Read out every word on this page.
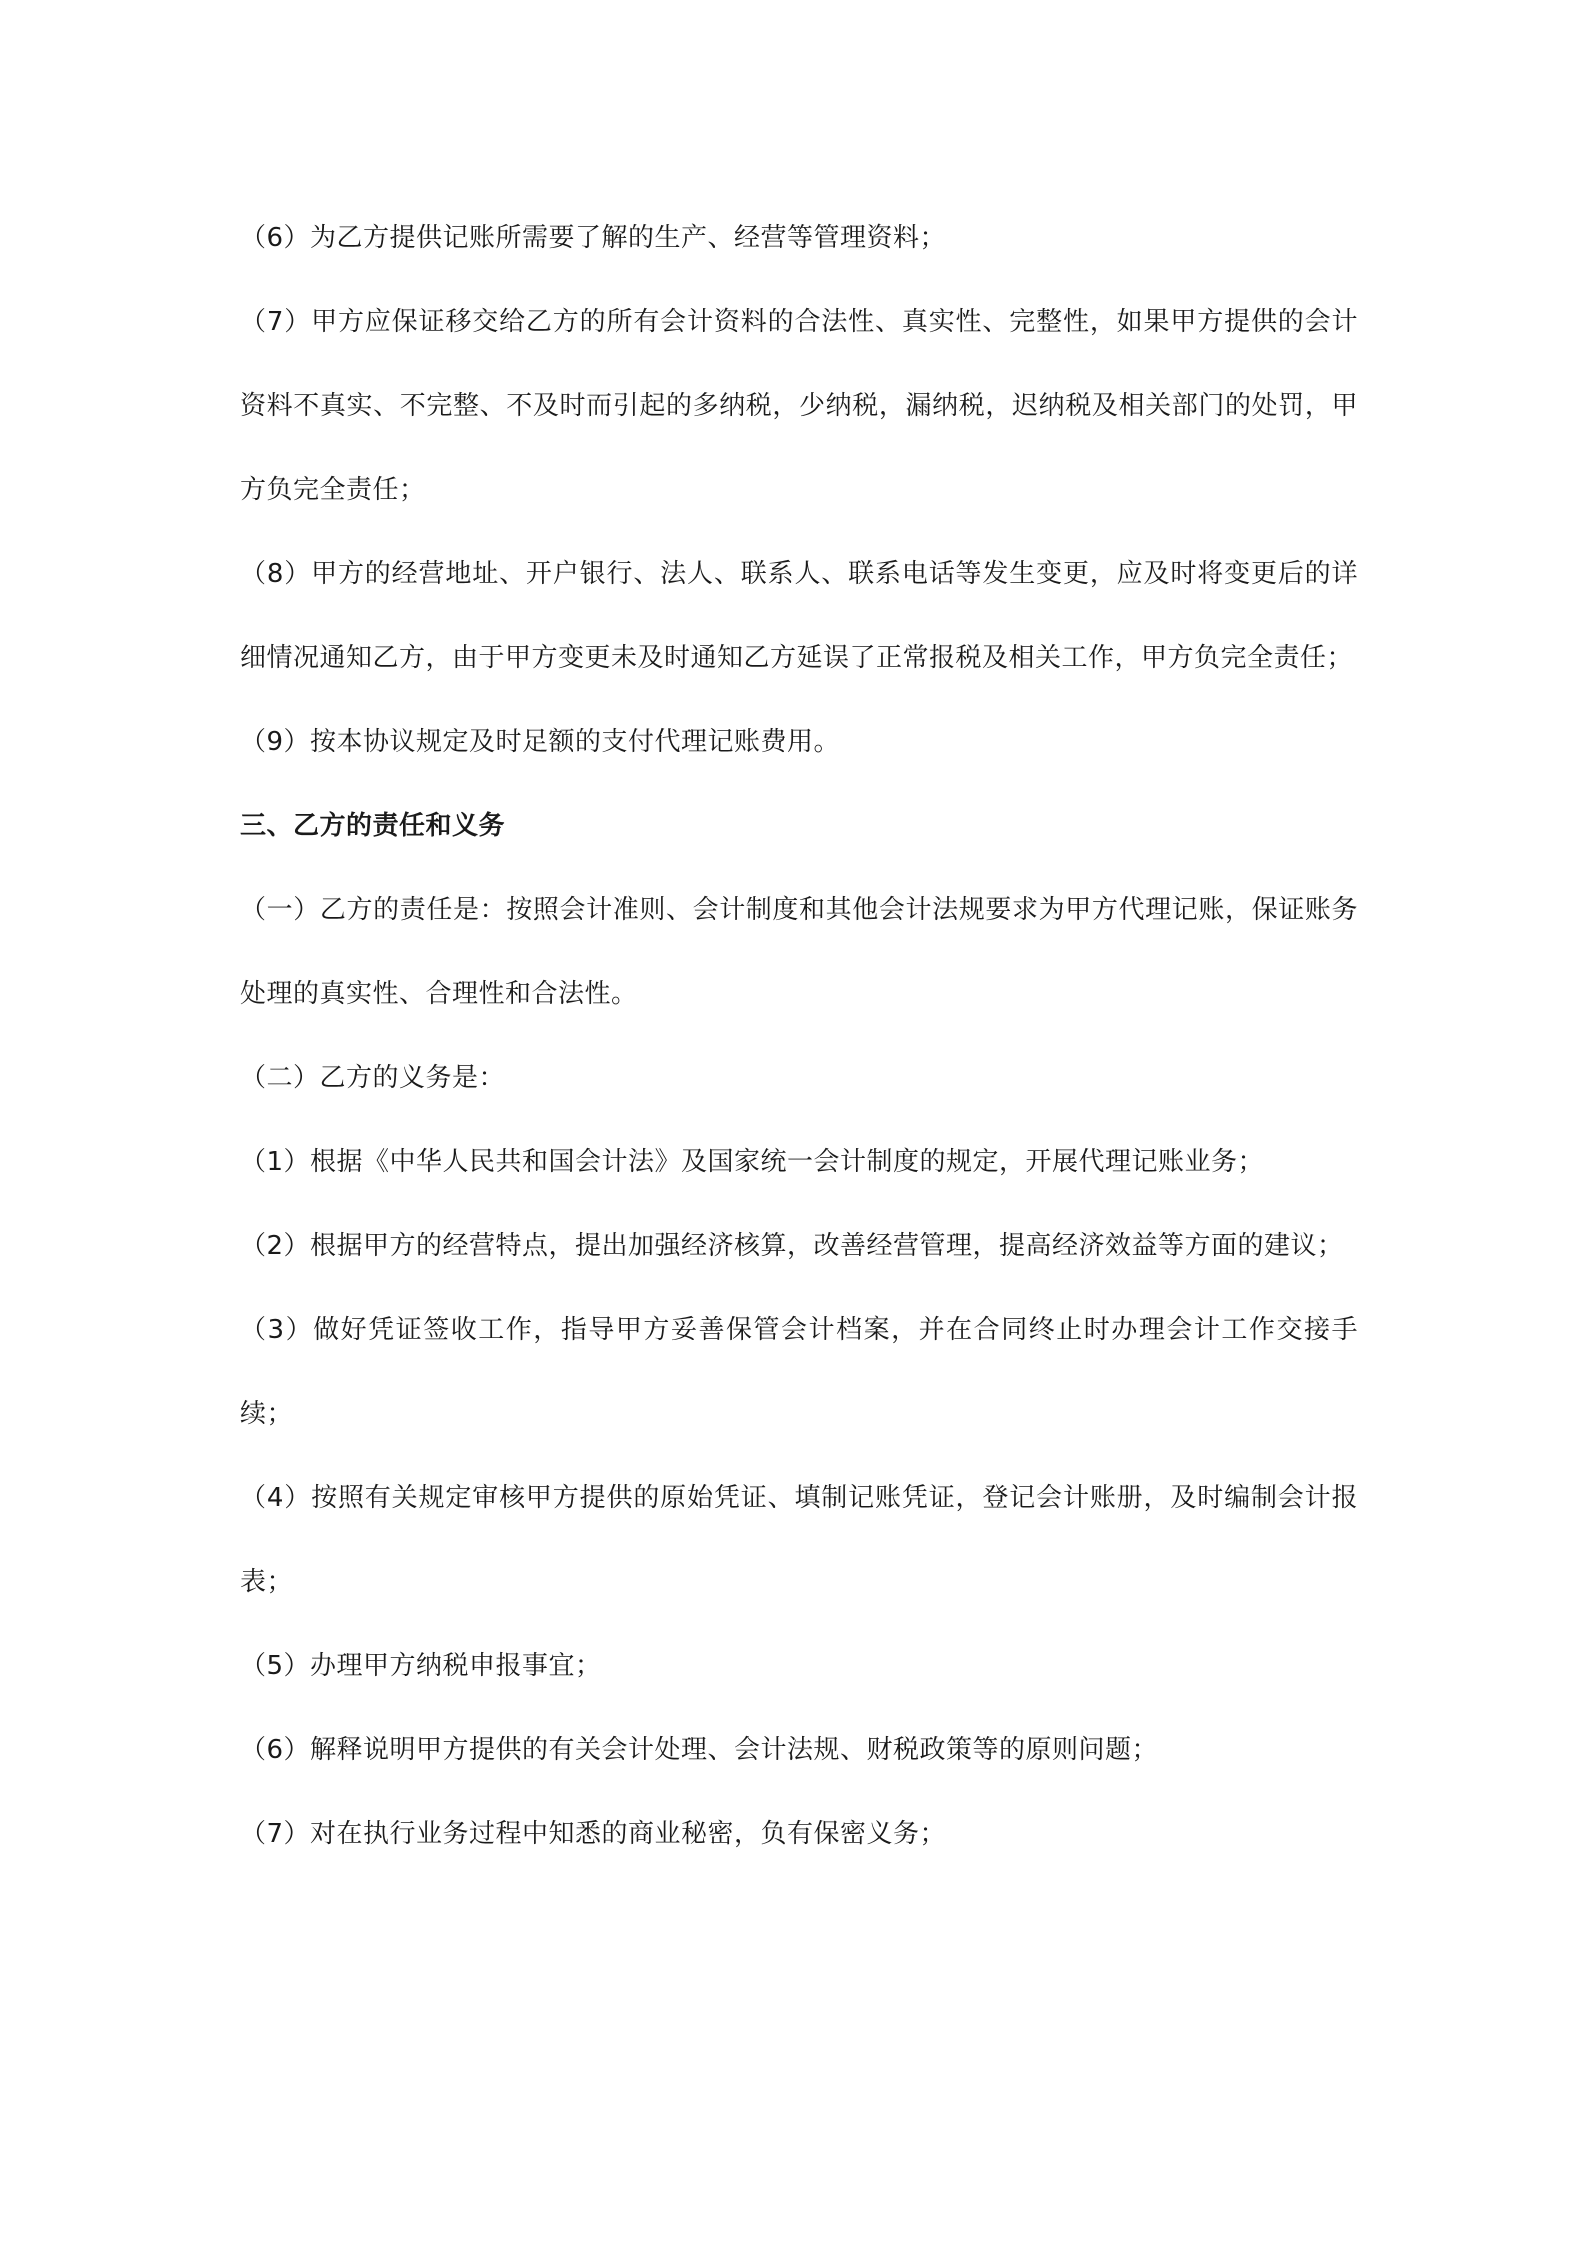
（6）为乙方提供记账所需要了解的生产、经营等管理资料；

（7）甲方应保证移交给乙方的所有会计资料的合法性、真实性、完整性，如果甲方提供的会计资料不真实、不完整、不及时而引起的多纳税，少纳税，漏纳税，迟纳税及相关部门的处罚，甲方负完全责任；

（8）甲方的经营地址、开户银行、法人、联系人、联系电话等发生变更，应及时将变更后的详细情况通知乙方，由于甲方变更未及时通知乙方延误了正常报税及相关工作，甲方负完全责任；

（9）按本协议规定及时足额的支付代理记账费用。

三、乙方的责任和义务

（一）乙方的责任是：按照会计准则、会计制度和其他会计法规要求为甲方代理记账，保证账务处理的真实性、合理性和合法性。

（二）乙方的义务是：

（1）根据《中华人民共和国会计法》及国家统一会计制度的规定，开展代理记账业务；

（2）根据甲方的经营特点，提出加强经济核算，改善经营管理，提高经济效益等方面的建议；

（3）做好凭证签收工作，指导甲方妥善保管会计档案，并在合同终止时办理会计工作交接手续；

（4）按照有关规定审核甲方提供的原始凭证、填制记账凭证，登记会计账册，及时编制会计报表；

（5）办理甲方纳税申报事宜；

（6）解释说明甲方提供的有关会计处理、会计法规、财税政策等的原则问题；

（7）对在执行业务过程中知悉的商业秘密，负有保密义务；
